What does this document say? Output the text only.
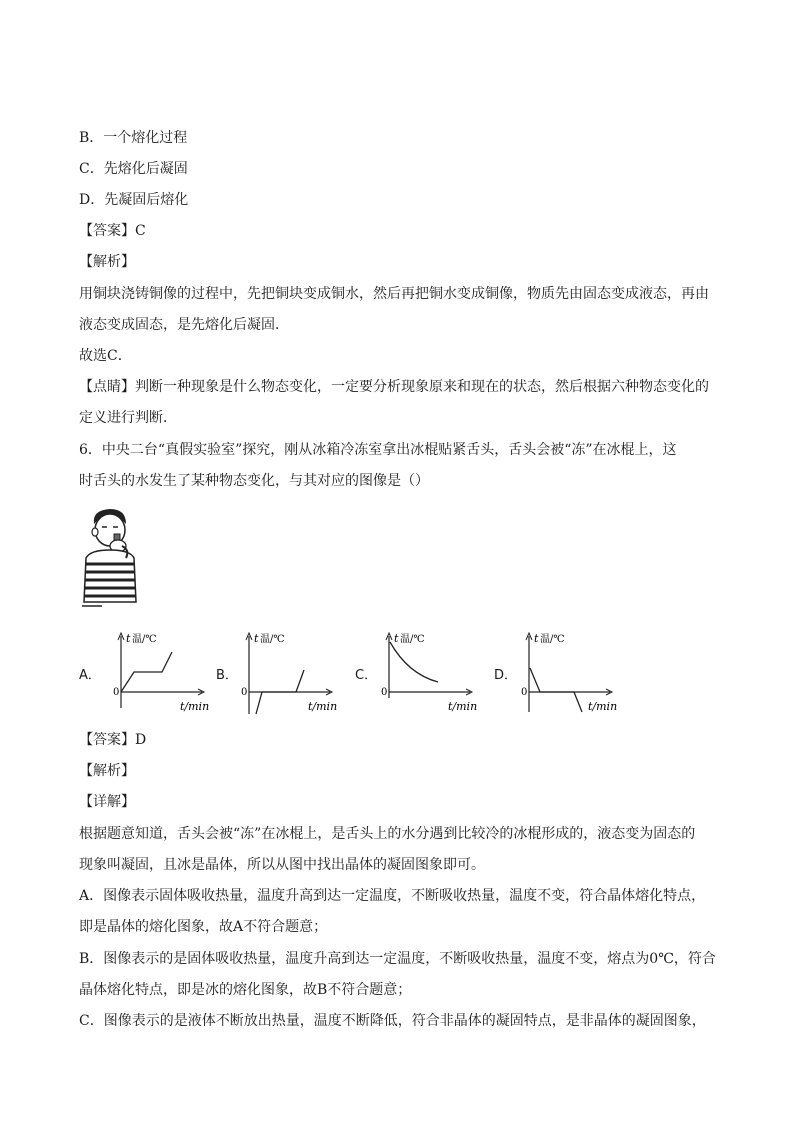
B．一个熔化过程
C．先熔化后凝固
D．先凝固后熔化
【答案】C
【解析】
用铜块浇铸铜像的过程中，先把铜块变成铜水，然后再把铜水变成铜像，物质先由固态变成液态，再由
液态变成固态，是先熔化后凝固．
故选C．
【点睛】判断一种现象是什么物态变化，一定要分析现象原来和现在的状态，然后根据六种物态变化的
定义进行判断．
6．中央二台“真假实验室”探究，刚从冰箱冷冻室拿出冰棍贴紧舌头，舌头会被“冻”在冰棍上，这
时舌头的水发生了某种物态变化，与其对应的图像是（）
A．	B．	C．	D．
0
t 温/℃
t/min
0
t 温/℃
t/min
0
t 温/℃
t/min
0
t 温/℃
t/min
【答案】D
【解析】
【详解】
根据题意知道，舌头会被“冻”在冰棍上，是舌头上的水分遇到比较冷的冰棍形成的，液态变为固态的
现象叫凝固，且冰是晶体，所以从图中找出晶体的凝固图象即可。
A．图像表示固体吸收热量，温度升高到达一定温度，不断吸收热量，温度不变，符合晶体熔化特点，
即是晶体的熔化图象，故A不符合题意；
B．图像表示的是固体吸收热量，温度升高到达一定温度，不断吸收热量，温度不变，熔点为0℃，符合
晶体熔化特点，即是冰的熔化图象，故B不符合题意；
C．图像表示的是液体不断放出热量，温度不断降低，符合非晶体的凝固特点，是非晶体的凝固图象，
